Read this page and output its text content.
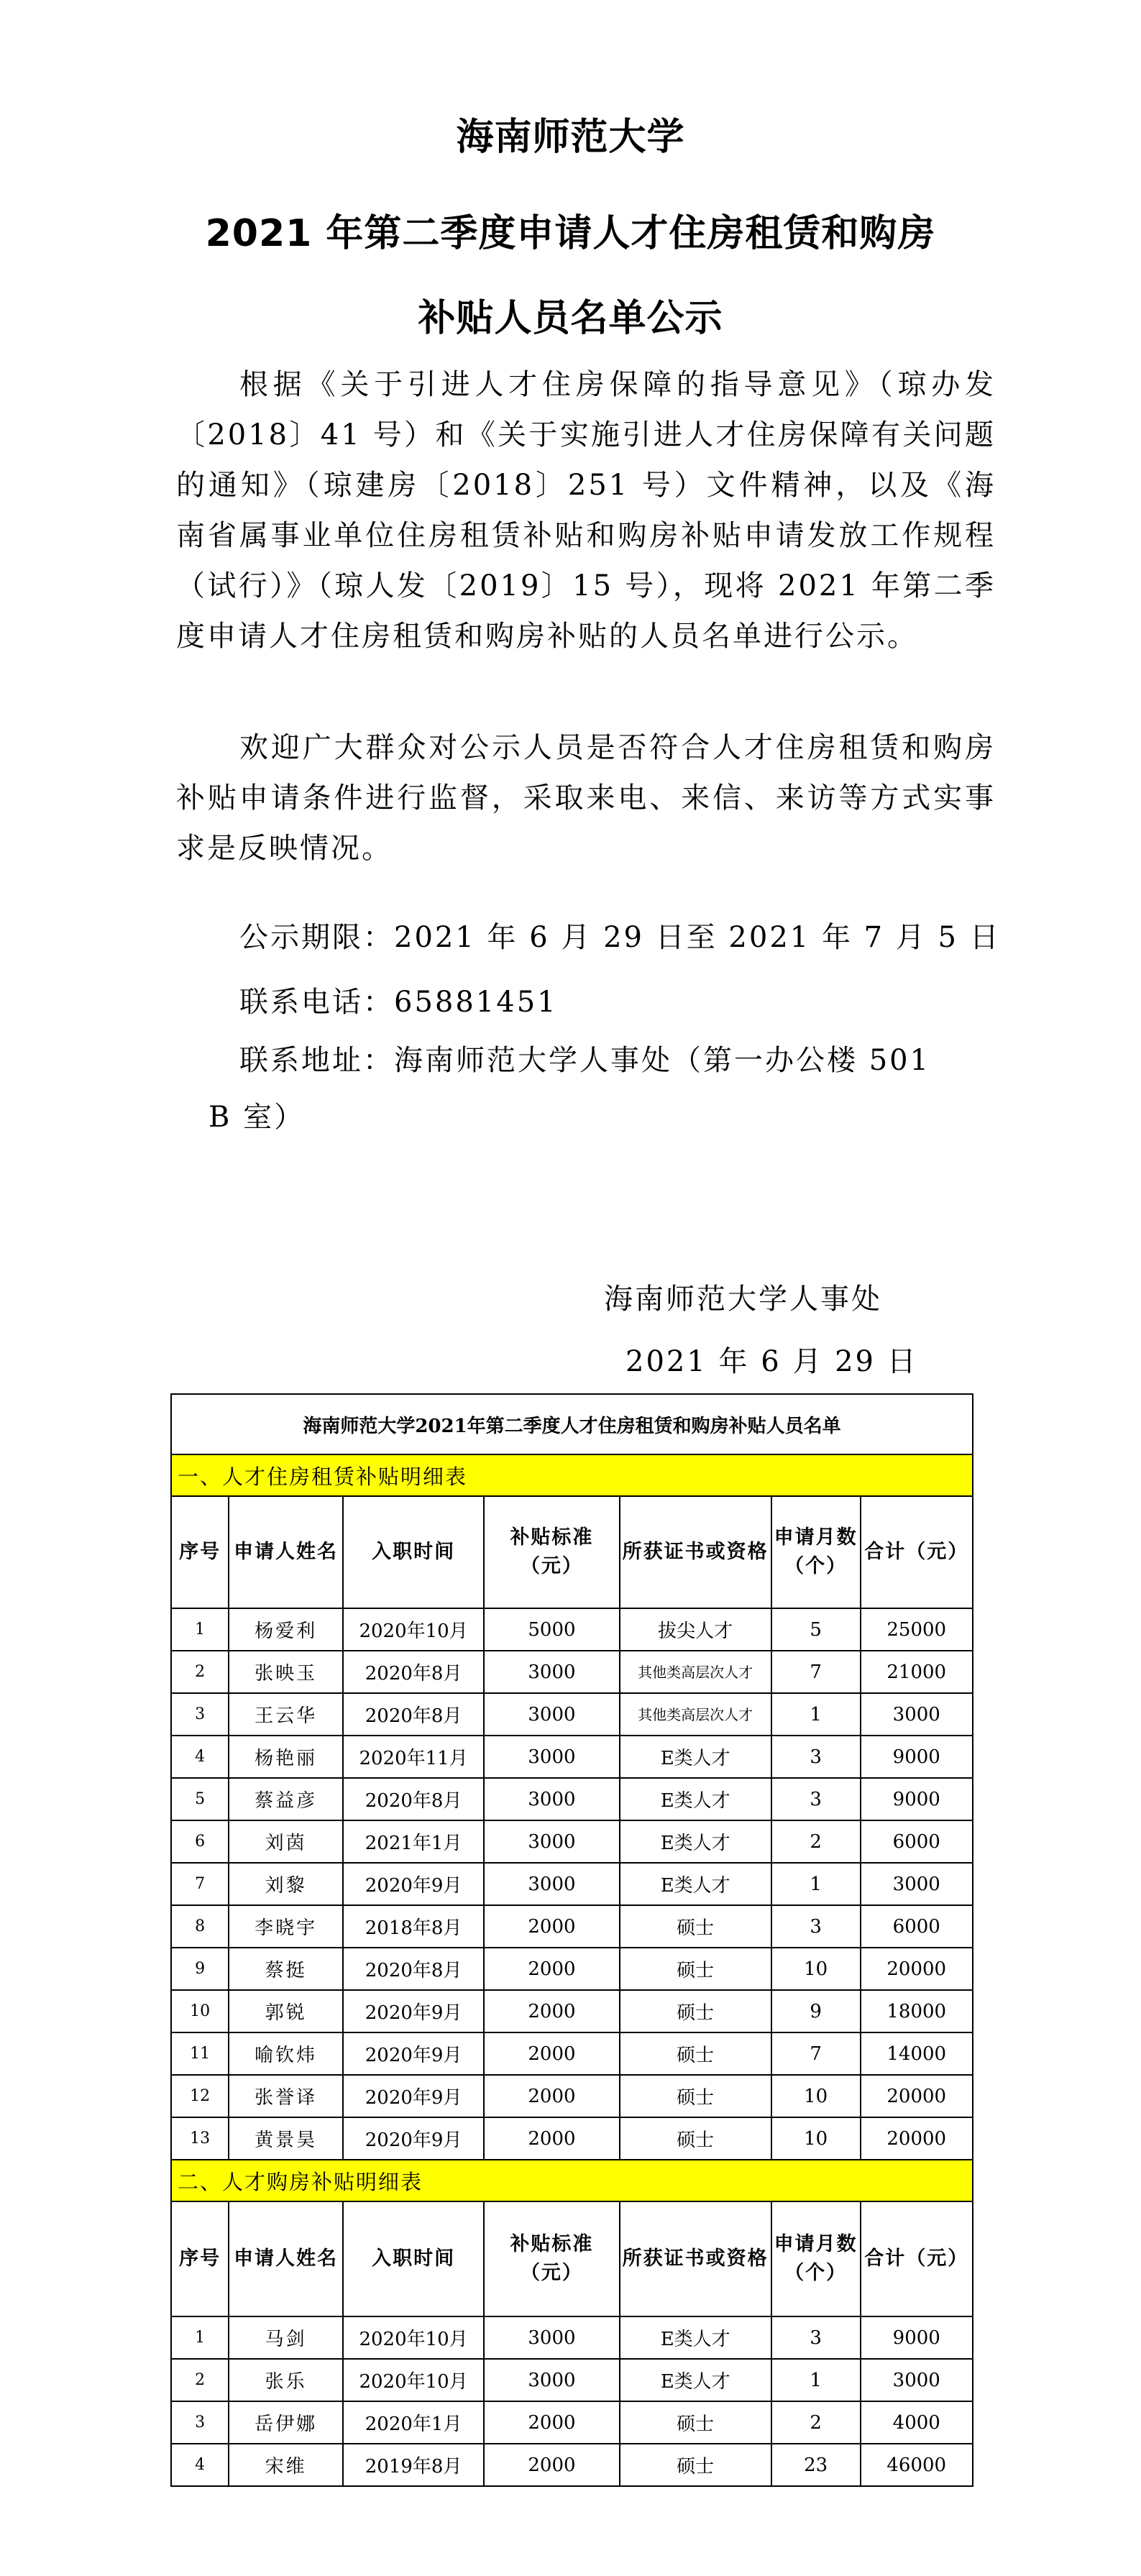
海南师范大学
2021 年第二季度申请人才住房租赁和购房
补贴人员名单公示

根据《关于引进人才住房保障的指导意见》（琼办发〔2018〕41 号）和《关于实施引进人才住房保障有关问题的通知》（琼建房〔2018〕251 号）文件精神，以及《海南省属事业单位住房租赁补贴和购房补贴申请发放工作规程（试行）》（琼人发〔2019〕15 号），现将 2021 年第二季度申请人才住房租赁和购房补贴的人员名单进行公示。

欢迎广大群众对公示人员是否符合人才住房租赁和购房补贴申请条件进行监督，采取来电、来信、来访等方式实事求是反映情况。

公示期限：2021 年 6 月 29 日至 2021 年 7 月 5 日
联系电话：65881451
联系地址：海南师范大学人事处（第一办公楼 501
B 室）
海南师范大学人事处
2021 年 6 月 29 日
海南师范大学2021年第二季度人才住房租赁和购房补贴人员名单						
一、人才住房租赁补贴明细表						
序号	申请人姓名	入职时间	补贴标准（元）	所获证书或资格	申请月数（个）	合计（元）
1	杨爱利	2020年10月	5000	拔尖人才	5	25000
2	张映玉	2020年8月	3000	其他类高层次人才	7	21000
3	王云华	2020年8月	3000	其他类高层次人才	1	3000
4	杨艳丽	2020年11月	3000	E类人才	3	9000
5	蔡益彦	2020年8月	3000	E类人才	3	9000
6	刘茵	2021年1月	3000	E类人才	2	6000
7	刘黎	2020年9月	3000	E类人才	1	3000
8	李晓宇	2018年8月	2000	硕士	3	6000
9	蔡挺	2020年8月	2000	硕士	10	20000
10	郭锐	2020年9月	2000	硕士	9	18000
11	喻钦炜	2020年9月	2000	硕士	7	14000
12	张誉译	2020年9月	2000	硕士	10	20000
13	黄景昊	2020年9月	2000	硕士	10	20000
二、人才购房补贴明细表						
序号	申请人姓名	入职时间	补贴标准（元）	所获证书或资格	申请月数（个）	合计（元）
1	马剑	2020年10月	3000	E类人才	3	9000
2	张乐	2020年10月	3000	E类人才	1	3000
3	岳伊娜	2020年1月	2000	硕士	2	4000
4	宋维	2019年8月	2000	硕士	23	46000
